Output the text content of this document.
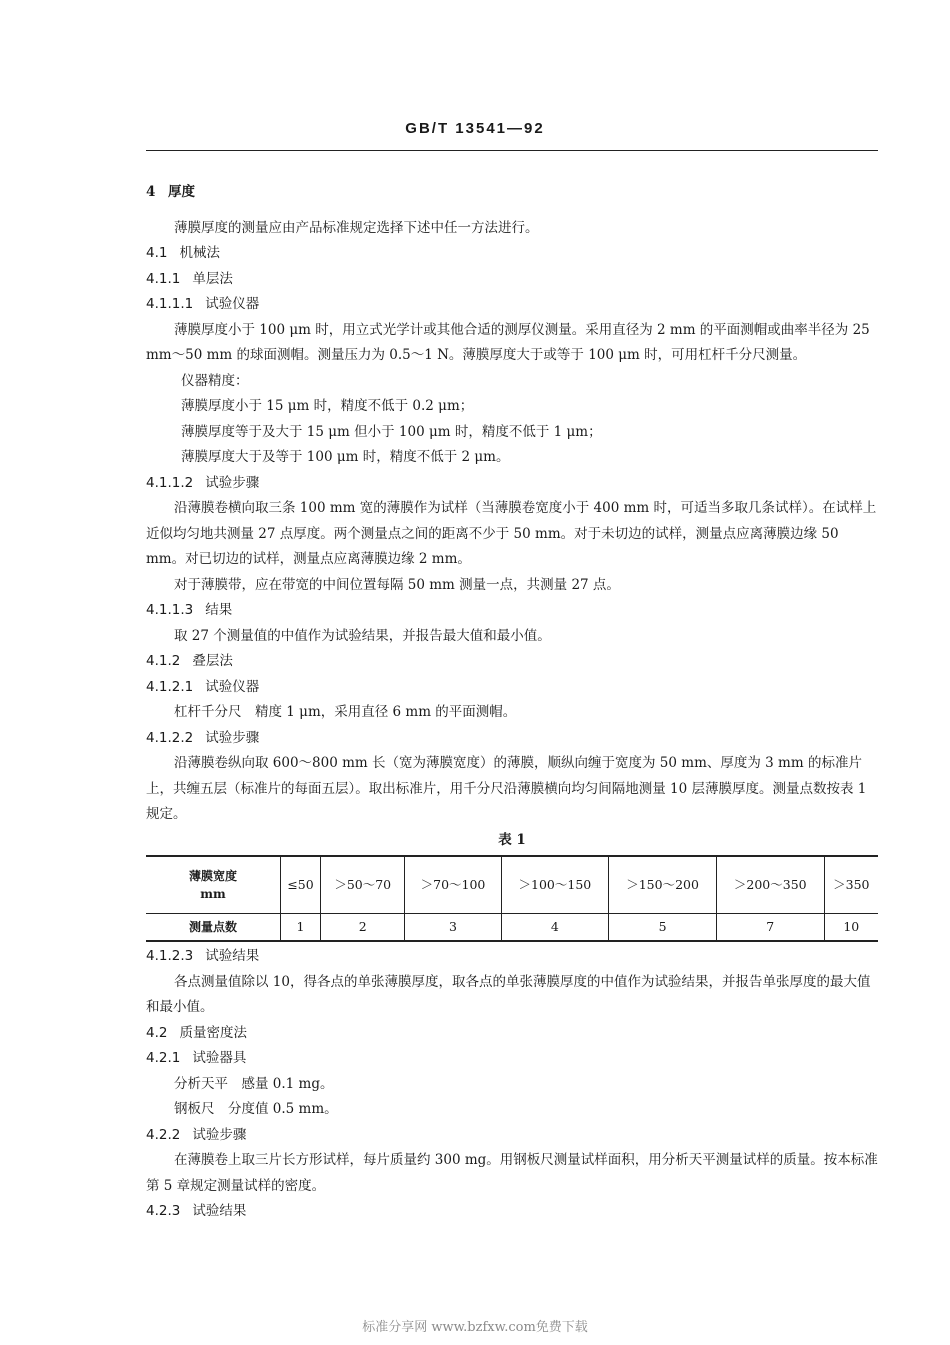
GB/T 13541—92

4 厚度

薄膜厚度的测量应由产品标准规定选择下述中任一方法进行。

4.1 机械法

4.1.1 单层法

4.1.1.1 试验仪器

薄膜厚度小于 100 μm 时，用立式光学计或其他合适的测厚仪测量。采用直径为 2 mm 的平面测帽或曲率半径为 25 mm～50 mm 的球面测帽。测量压力为 0.5～1 N。薄膜厚度大于或等于 100 μm 时，可用杠杆千分尺测量。

仪器精度：

薄膜厚度小于 15 μm 时，精度不低于 0.2 μm；

薄膜厚度等于及大于 15 μm 但小于 100 μm 时，精度不低于 1 μm；

薄膜厚度大于及等于 100 μm 时，精度不低于 2 μm。

4.1.1.2 试验步骤

沿薄膜卷横向取三条 100 mm 宽的薄膜作为试样（当薄膜卷宽度小于 400 mm 时，可适当多取几条试样）。在试样上近似均匀地共测量 27 点厚度。两个测量点之间的距离不少于 50 mm。对于未切边的试样，测量点应离薄膜边缘 50 mm。对已切边的试样，测量点应离薄膜边缘 2 mm。

对于薄膜带，应在带宽的中间位置每隔 50 mm 测量一点，共测量 27 点。

4.1.1.3 结果

取 27 个测量值的中值作为试验结果，并报告最大值和最小值。

4.1.2 叠层法

4.1.2.1 试验仪器

杠杆千分尺　精度 1 μm，采用直径 6 mm 的平面测帽。

4.1.2.2 试验步骤

沿薄膜卷纵向取 600～800 mm 长（宽为薄膜宽度）的薄膜，顺纵向缠于宽度为 50 mm、厚度为 3 mm 的标准片上，共缠五层（标准片的每面五层）。取出标准片，用千分尺沿薄膜横向均匀间隔地测量 10 层薄膜厚度。测量点数按表 1 规定。

表 1

薄膜宽度
mm	≤50	＞50～70	＞70～100	＞100～150	＞150～200	＞200～350	＞350
测量点数	1	2	3	4	5	7	10

4.1.2.3 试验结果

各点测量值除以 10，得各点的单张薄膜厚度，取各点的单张薄膜厚度的中值作为试验结果，并报告单张厚度的最大值和最小值。

4.2 质量密度法

4.2.1 试验器具

分析天平　感量 0.1 mg。

钢板尺　分度值 0.5 mm。

4.2.2 试验步骤

在薄膜卷上取三片长方形试样，每片质量约 300 mg。用钢板尺测量试样面积，用分析天平测量试样的质量。按本标准第 5 章规定测量试样的密度。

4.2.3 试验结果

标准分享网 www.bzfxw.com免费下载
